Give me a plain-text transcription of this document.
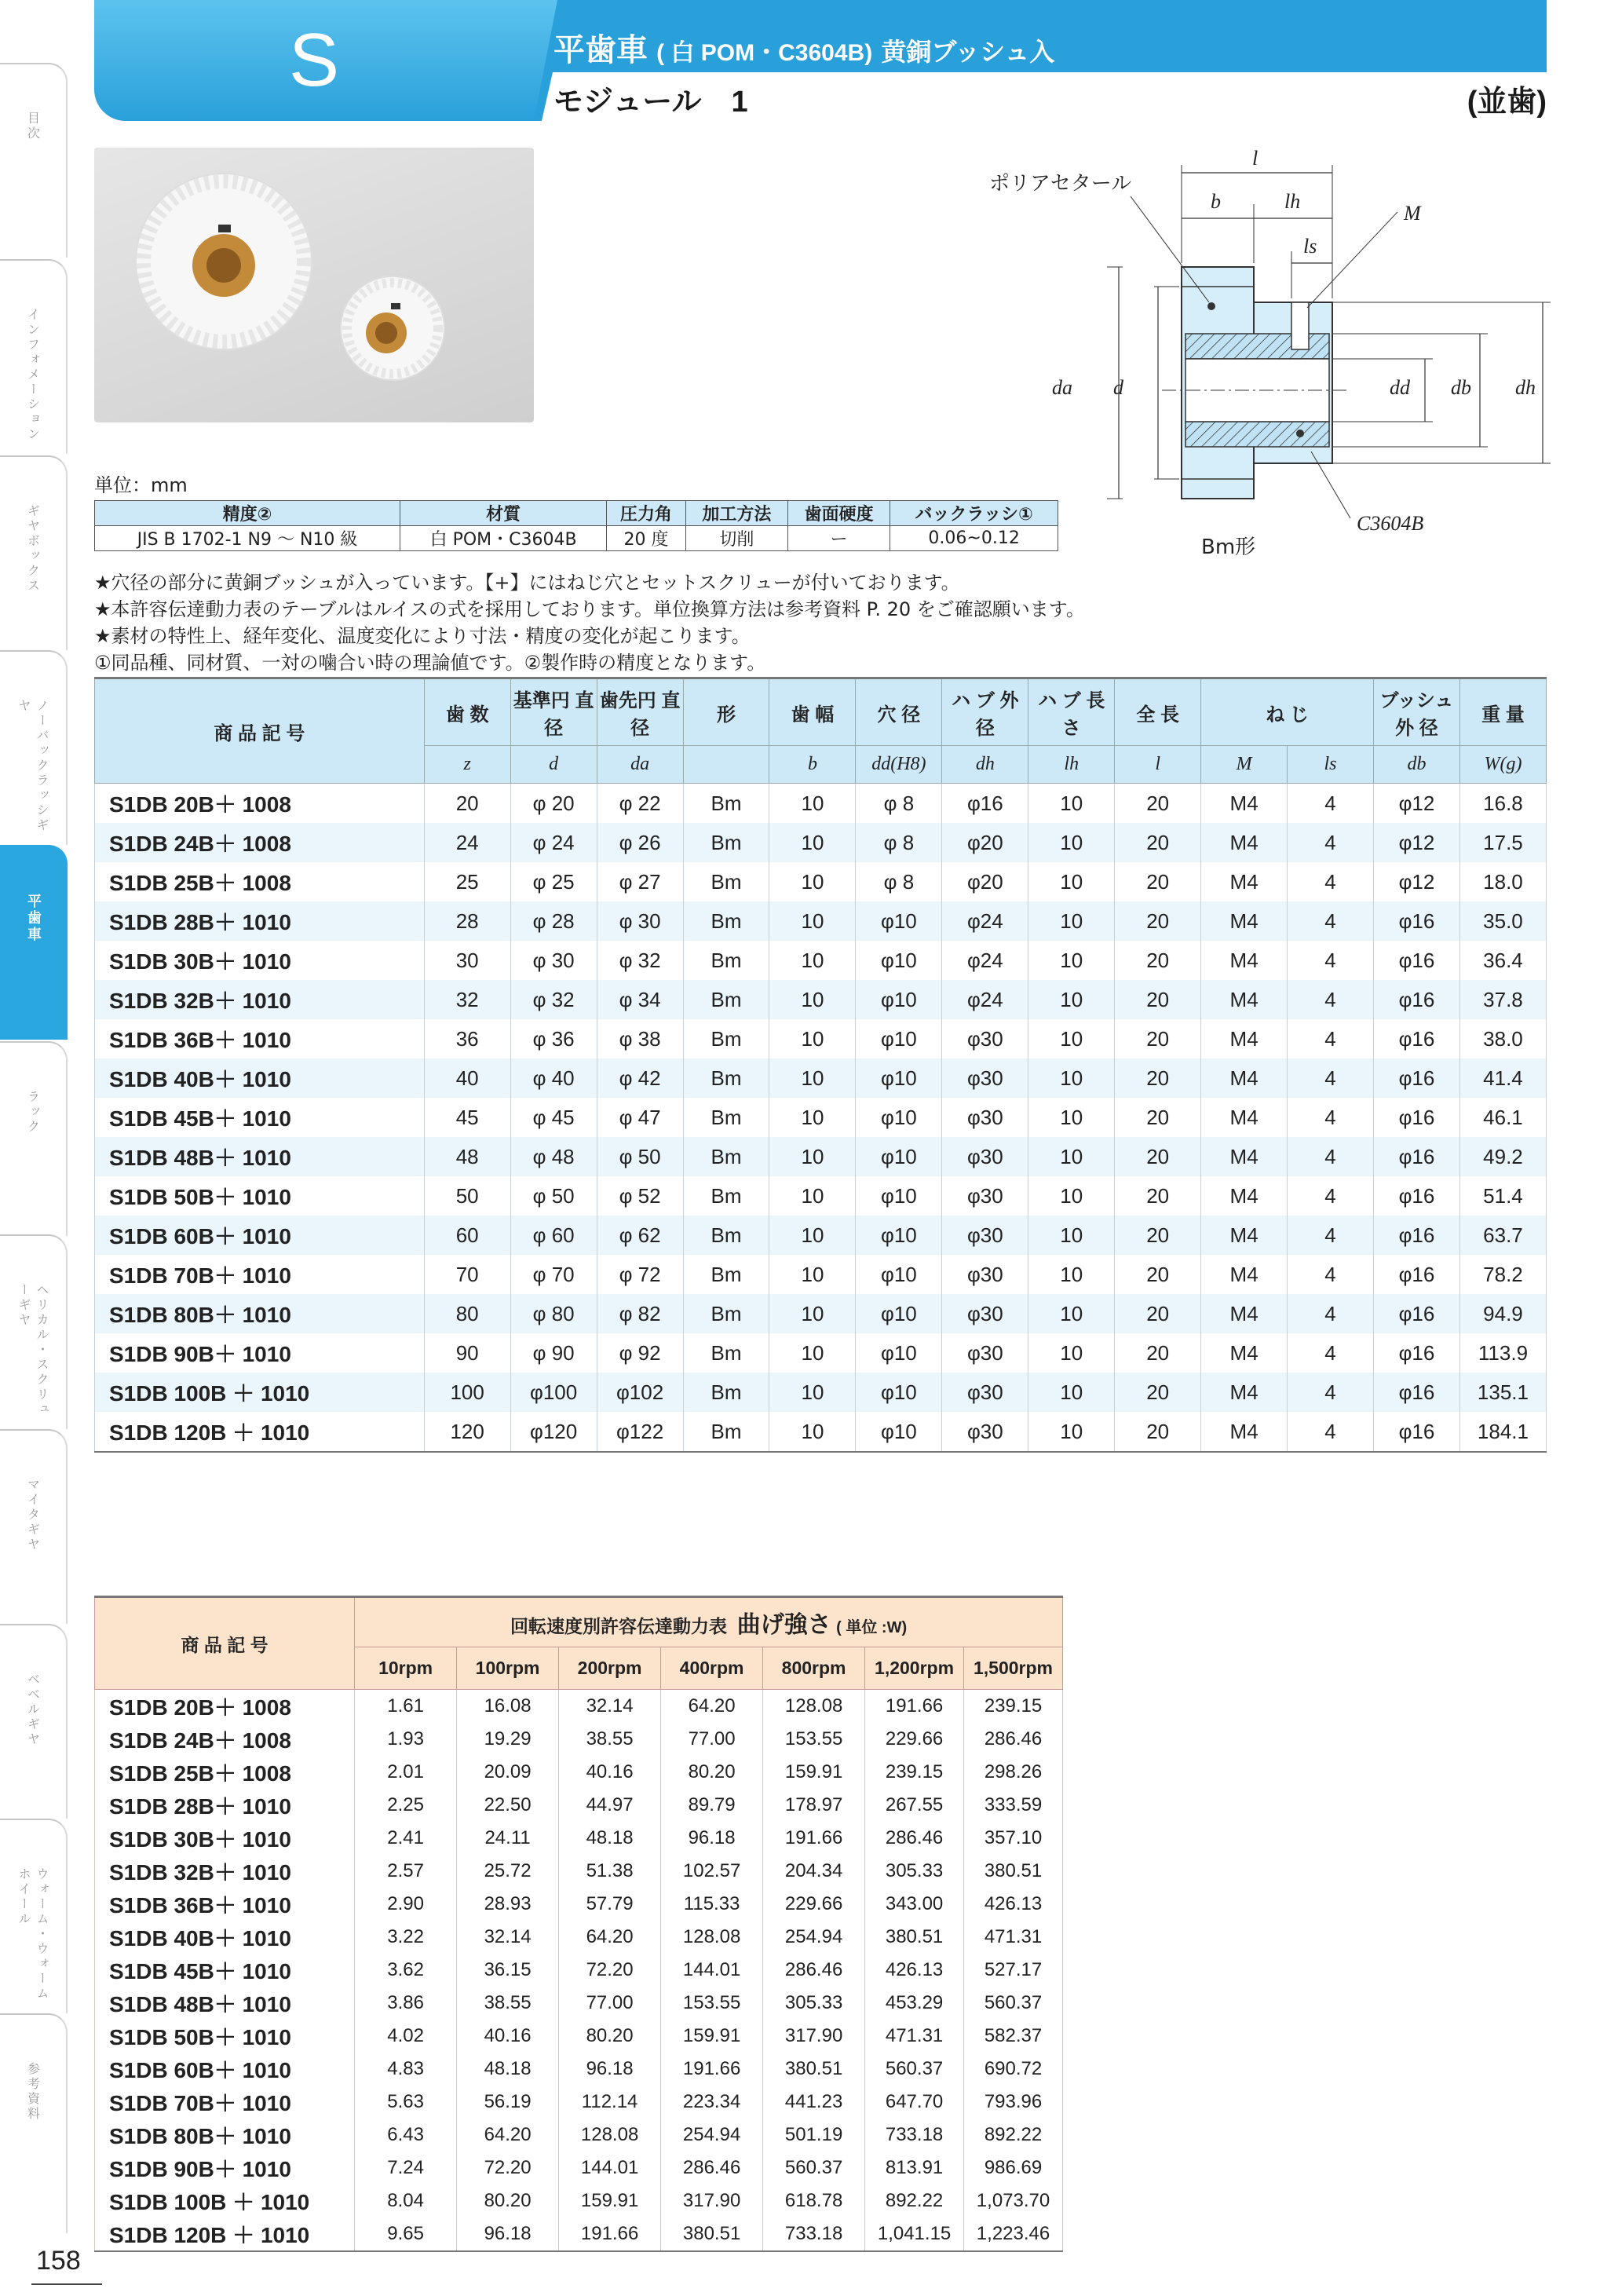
目次
インフォメーション
ギヤボックス
ノーバックラッシギヤ
平歯車
ラック
ヘリカル・スクリューギヤ
マイタギヤ
ベベルギヤ
ウォーム・ウォームホイール
参考資料
S	平歯車 ( 白 POM・C3604B) 黄銅ブッシュ入
モジュール　1	(並歯)
l
b	lh
ls
M
da d	dd db dh
C3604B
ポリアセタール
Bm形
単位：mm
精度②	材質	圧力角	加工方法	歯面硬度	バックラッシ①
JIS B 1702-1 N9 〜 N10 級	白 POM・C3604B	20 度	切削	ー	0.06~0.12
★穴径の部分に黄銅ブッシュが入っています。【+】にはねじ穴とセットスクリューが付いております。
★本許容伝達動力表のテーブルはルイスの式を採用しております。単位換算方法は参考資料 P. 20 をご確認願います。
★素材の特性上、経年変化、温度変化により寸法・精度の変化が起こります。
①同品種、同材質、一対の噛合い時の理論値です。②製作時の精度となります。
商 品 記 号	歯 数	基準円 直 径	歯先円 直 径	形	歯 幅	穴 径	ハ ブ 外 径	ハ ブ 長 さ	全 長	ね じ		ブッシュ 外 径	重 量
	z	d	da		b	dd(H8)	dh	lh	l	M	ls	db	W(g)
S1DB 20B＋ 1008	20	φ 20	φ 22	Bm	10	φ 8	φ16	10	20	M4	4	φ12	16.8
S1DB 24B＋ 1008	24	φ 24	φ 26	Bm	10	φ 8	φ20	10	20	M4	4	φ12	17.5
S1DB 25B＋ 1008	25	φ 25	φ 27	Bm	10	φ 8	φ20	10	20	M4	4	φ12	18.0
S1DB 28B＋ 1010	28	φ 28	φ 30	Bm	10	φ10	φ24	10	20	M4	4	φ16	35.0
S1DB 30B＋ 1010	30	φ 30	φ 32	Bm	10	φ10	φ24	10	20	M4	4	φ16	36.4
S1DB 32B＋ 1010	32	φ 32	φ 34	Bm	10	φ10	φ24	10	20	M4	4	φ16	37.8
S1DB 36B＋ 1010	36	φ 36	φ 38	Bm	10	φ10	φ30	10	20	M4	4	φ16	38.0
S1DB 40B＋ 1010	40	φ 40	φ 42	Bm	10	φ10	φ30	10	20	M4	4	φ16	41.4
S1DB 45B＋ 1010	45	φ 45	φ 47	Bm	10	φ10	φ30	10	20	M4	4	φ16	46.1
S1DB 48B＋ 1010	48	φ 48	φ 50	Bm	10	φ10	φ30	10	20	M4	4	φ16	49.2
S1DB 50B＋ 1010	50	φ 50	φ 52	Bm	10	φ10	φ30	10	20	M4	4	φ16	51.4
S1DB 60B＋ 1010	60	φ 60	φ 62	Bm	10	φ10	φ30	10	20	M4	4	φ16	63.7
S1DB 70B＋ 1010	70	φ 70	φ 72	Bm	10	φ10	φ30	10	20	M4	4	φ16	78.2
S1DB 80B＋ 1010	80	φ 80	φ 82	Bm	10	φ10	φ30	10	20	M4	4	φ16	94.9
S1DB 90B＋ 1010	90	φ 90	φ 92	Bm	10	φ10	φ30	10	20	M4	4	φ16	113.9
S1DB 100B ＋ 1010	100	φ100	φ102	Bm	10	φ10	φ30	10	20	M4	4	φ16	135.1
S1DB 120B ＋ 1010	120	φ120	φ122	Bm	10	φ10	φ30	10	20	M4	4	φ16	184.1
商 品 記 号	回転速度別許容伝達動力表 曲げ強さ ( 単位 :W)						
	10rpm	100rpm	200rpm	400rpm	800rpm	1,200rpm	1,500rpm
S1DB 20B＋ 1008	1.61	16.08	32.14	64.20	128.08	191.66	239.15
S1DB 24B＋ 1008	1.93	19.29	38.55	77.00	153.55	229.66	286.46
S1DB 25B＋ 1008	2.01	20.09	40.16	80.20	159.91	239.15	298.26
S1DB 28B＋ 1010	2.25	22.50	44.97	89.79	178.97	267.55	333.59
S1DB 30B＋ 1010	2.41	24.11	48.18	96.18	191.66	286.46	357.10
S1DB 32B＋ 1010	2.57	25.72	51.38	102.57	204.34	305.33	380.51
S1DB 36B＋ 1010	2.90	28.93	57.79	115.33	229.66	343.00	426.13
S1DB 40B＋ 1010	3.22	32.14	64.20	128.08	254.94	380.51	471.31
S1DB 45B＋ 1010	3.62	36.15	72.20	144.01	286.46	426.13	527.17
S1DB 48B＋ 1010	3.86	38.55	77.00	153.55	305.33	453.29	560.37
S1DB 50B＋ 1010	4.02	40.16	80.20	159.91	317.90	471.31	582.37
S1DB 60B＋ 1010	4.83	48.18	96.18	191.66	380.51	560.37	690.72
S1DB 70B＋ 1010	5.63	56.19	112.14	223.34	441.23	647.70	793.96
S1DB 80B＋ 1010	6.43	64.20	128.08	254.94	501.19	733.18	892.22
S1DB 90B＋ 1010	7.24	72.20	144.01	286.46	560.37	813.91	986.69
S1DB 100B ＋ 1010	8.04	80.20	159.91	317.90	618.78	892.22	1,073.70
S1DB 120B ＋ 1010	9.65	96.18	191.66	380.51	733.18	1,041.15	1,223.46
158
